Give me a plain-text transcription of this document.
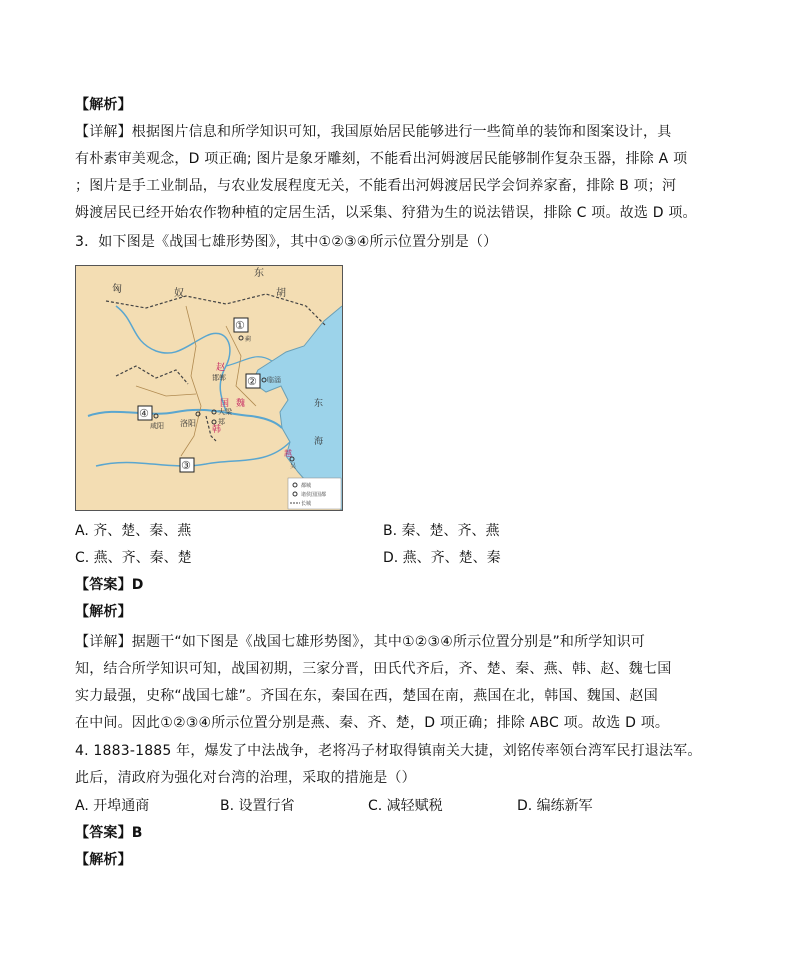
【解析】
【详解】根据图片信息和所学知识可知，我国原始居民能够进行一些简单的装饰和图案设计，具
有朴素审美观念，D 项正确; 图片是象牙雕刻，不能看出河姆渡居民能够制作复杂玉器，排除 A 项
；图片是手工业制品，与农业发展程度无关，不能看出河姆渡居民学会饲养家畜，排除 B 项；河
姆渡居民已经开始农作物种植的定居生活，以采集、狩猎为生的说法错误，排除 C 项。故选 D 项。
3．如下图是《战国七雄形势图》，其中①②③④所示位置分别是（）
匈	奴
东
胡
①
蓟
赵
邯郸 ② 临淄
国 魏
大梁
郑
韩
④
咸阳 洛阳
③
东
海
越
吴
都城
诸侯国国都
长城
A. 齐、楚、秦、燕	B. 秦、楚、齐、燕
C. 燕、齐、秦、楚	D. 燕、齐、楚、秦
【答案】D
【解析】
【详解】据题干“如下图是《战国七雄形势图》，其中①②③④所示位置分别是”和所学知识可
知，结合所学知识可知，战国初期，三家分晋，田氏代齐后，齐、楚、秦、燕、韩、赵、魏七国
实力最强，史称“战国七雄”。齐国在东，秦国在西，楚国在南，燕国在北，韩国、魏国、赵国
在中间。因此①②③④所示位置分别是燕、秦、齐、楚，D 项正确；排除 ABC 项。故选 D 项。
4. 1883-1885 年，爆发了中法战争，老将冯子材取得镇南关大捷，刘铭传率领台湾军民打退法军。
此后，清政府为强化对台湾的治理，采取的措施是（）
A. 开埠通商	B. 设置行省	C. 减轻赋税	D. 编练新军
【答案】B
【解析】
